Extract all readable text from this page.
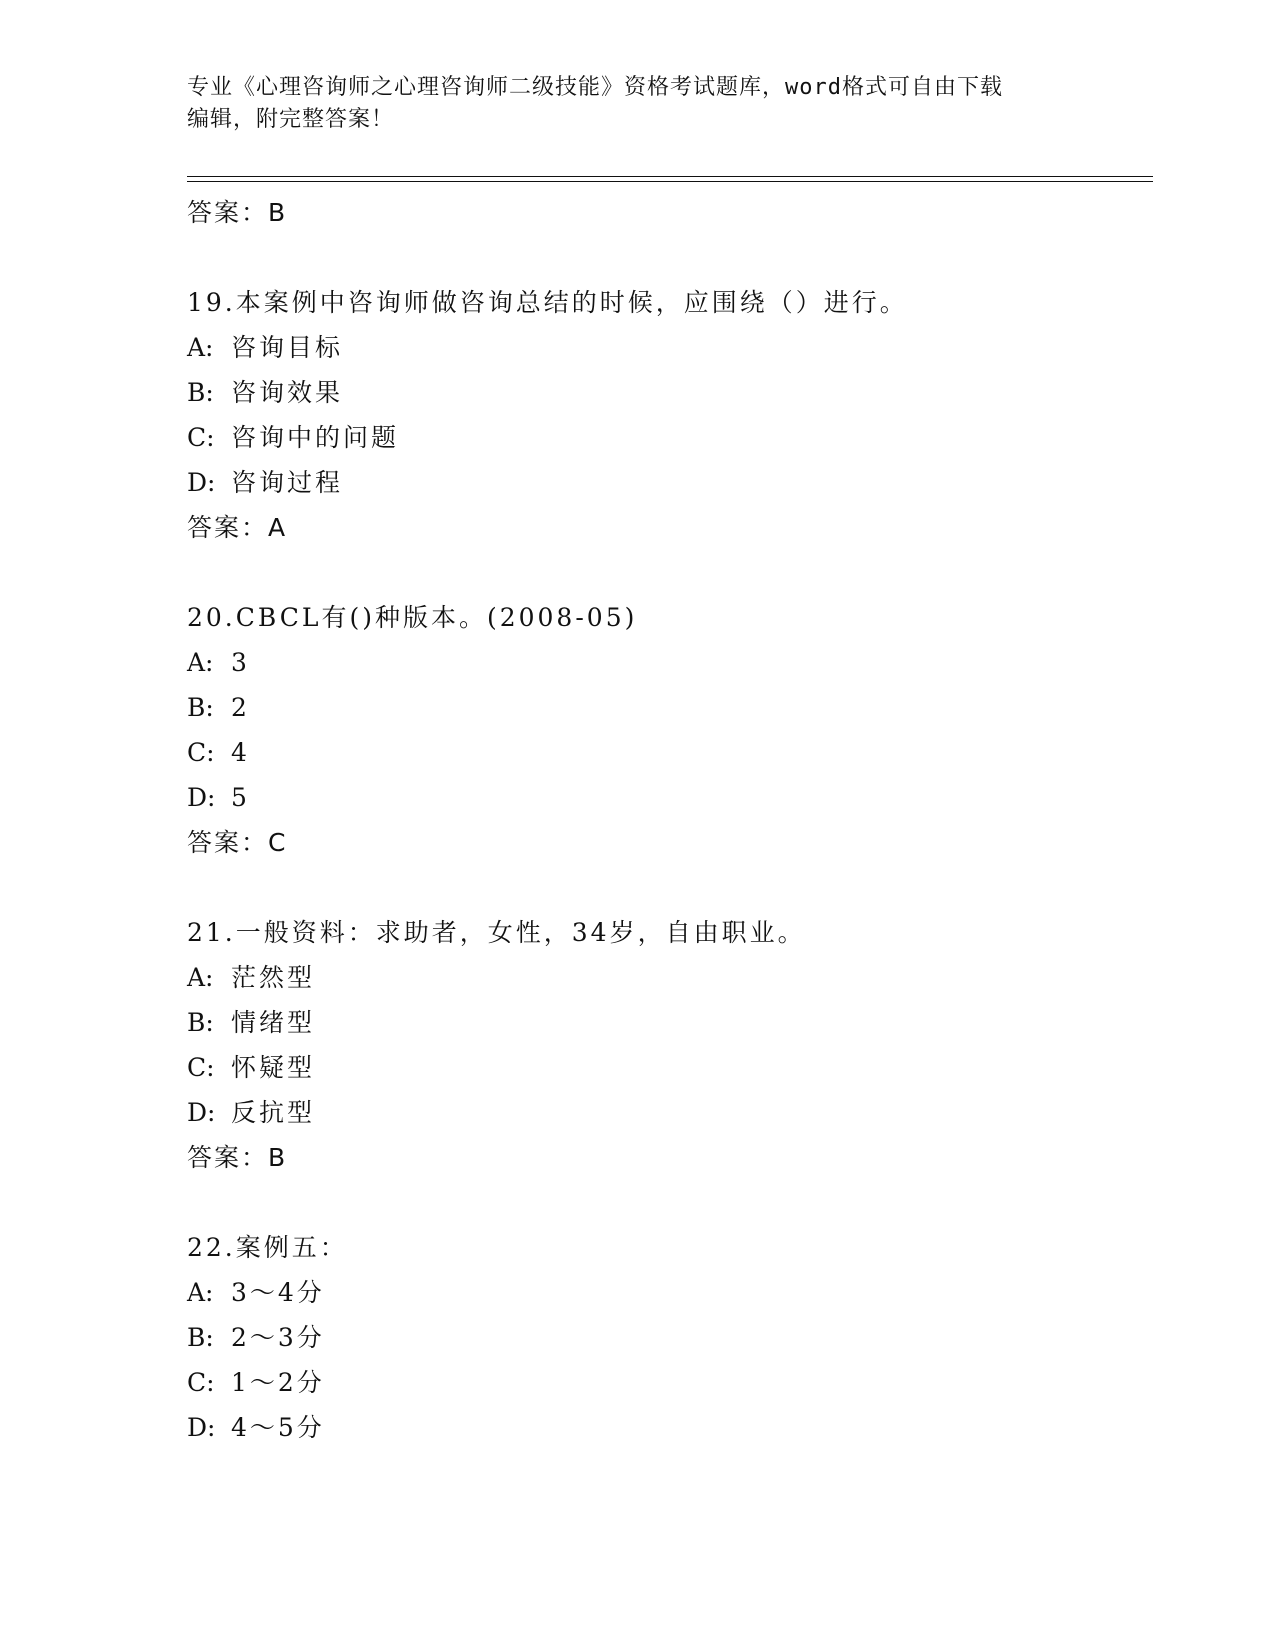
专业《心理咨询师之心理咨询师二级技能》资格考试题库，word格式可自由下载
编辑，附完整答案！
答案：B
19.本案例中咨询师做咨询总结的时候，应围绕（）进行。
A: 咨询目标
B: 咨询效果
C: 咨询中的问题
D: 咨询过程
答案：A
20.CBCL有()种版本。(2008-05)
A: 3
B: 2
C: 4
D: 5
答案：C
21.一般资料：求助者，女性，34岁，自由职业。
A: 茫然型
B: 情绪型
C: 怀疑型
D: 反抗型
答案：B
22.案例五：
A: 3～4分
B: 2～3分
C: 1～2分
D: 4～5分
